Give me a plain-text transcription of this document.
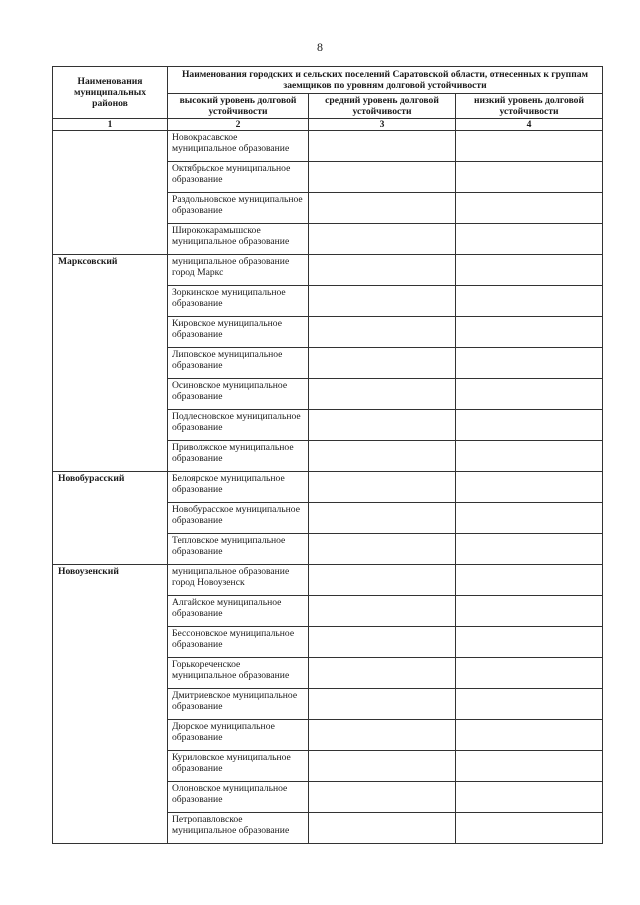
8
Наименования муниципальных районов	Наименования городских и сельских поселений Саратовской области, отнесенных к группам заемщиков по уровням долговой устойчивости		
	высокий уровень долговой устойчивости	средний уровень долговой устойчивости	низкий уровень долговой устойчивости
1	2	3	4
	Новокрасавское муниципальное образование		
	Октябрьское муниципальное образование		
	Раздольновское муниципальное образование		
	Ширококарамышское муниципальное образование		
Марксовский	муниципальное образование город Маркс		
	Зоркинское муниципальное образование		
	Кировское муниципальное образование		
	Липовское муниципальное образование		
	Осиновское муниципальное образование		
	Подлесновское муниципальное образование		
	Приволжское муниципальное образование		
Новобурасский	Белоярское муниципальное образование		
	Новобурасское муниципальное образование		
	Тепловское муниципальное образование		
Новоузенский	муниципальное образование город Новоузенск		
	Алгайское муниципальное образование		
	Бессоновское муниципальное образование		
	Горькореченское муниципальное образование		
	Дмитриевское муниципальное образование		
	Дюрское муниципальное образование		
	Куриловское муниципальное образование		
	Олоновское муниципальное образование		
	Петропавловское муниципальное образование		
